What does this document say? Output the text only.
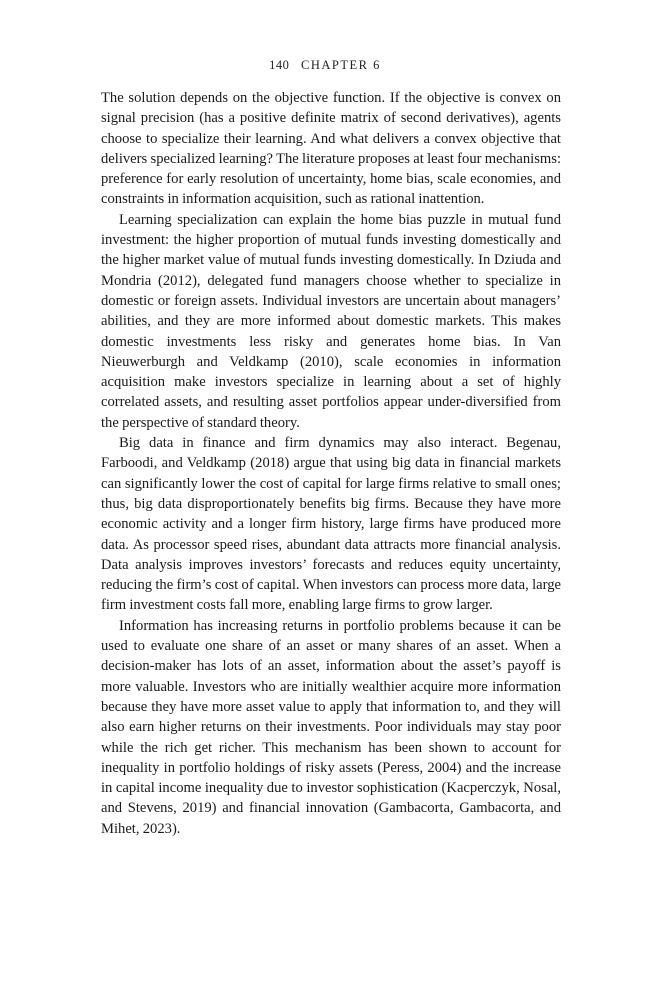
140 CHAPTER 6

The solution depends on the objective function. If the objective is convex on signal precision (has a positive definite matrix of second derivatives), agents choose to specialize their learning. And what delivers a convex objective that delivers specialized learning? The literature proposes at least four mechanisms: preference for early resolution of uncertainty, home bias, scale economies, and constraints in information acquisition, such as rational inattention.

Learning specialization can explain the home bias puzzle in mutual fund investment: the higher proportion of mutual funds investing domestically and the higher market value of mutual funds investing domestically. In Dziuda and Mondria (2012), delegated fund managers choose whether to specialize in domestic or foreign assets. Individual investors are uncertain about managers’ abilities, and they are more informed about domestic markets. This makes domestic investments less risky and generates home bias. In Van Nieuwerburgh and Veldkamp (2010), scale economies in information acquisition make investors specialize in learning about a set of highly correlated assets, and resulting asset portfolios appear under-diversified from the perspective of standard theory.

Big data in finance and firm dynamics may also interact. Begenau, Farboodi, and Veldkamp (2018) argue that using big data in financial markets can significantly lower the cost of capital for large firms relative to small ones; thus, big data disproportionately benefits big firms. Because they have more economic activity and a longer firm history, large firms have produced more data. As processor speed rises, abundant data attracts more financial analysis. Data analysis improves investors’ forecasts and reduces equity uncertainty, reducing the firm’s cost of capital. When investors can process more data, large firm investment costs fall more, enabling large firms to grow larger.

Information has increasing returns in portfolio problems because it can be used to evaluate one share of an asset or many shares of an asset. When a decision-maker has lots of an asset, information about the asset’s payoff is more valuable. Investors who are initially wealthier acquire more information because they have more asset value to apply that information to, and they will also earn higher returns on their investments. Poor individuals may stay poor while the rich get richer. This mechanism has been shown to account for inequality in portfolio holdings of risky assets (Peress, 2004) and the increase in capital income inequality due to investor sophistication (Kacperczyk, Nosal, and Stevens, 2019) and financial innovation (Gambacorta, Gambacorta, and Mihet, 2023).
